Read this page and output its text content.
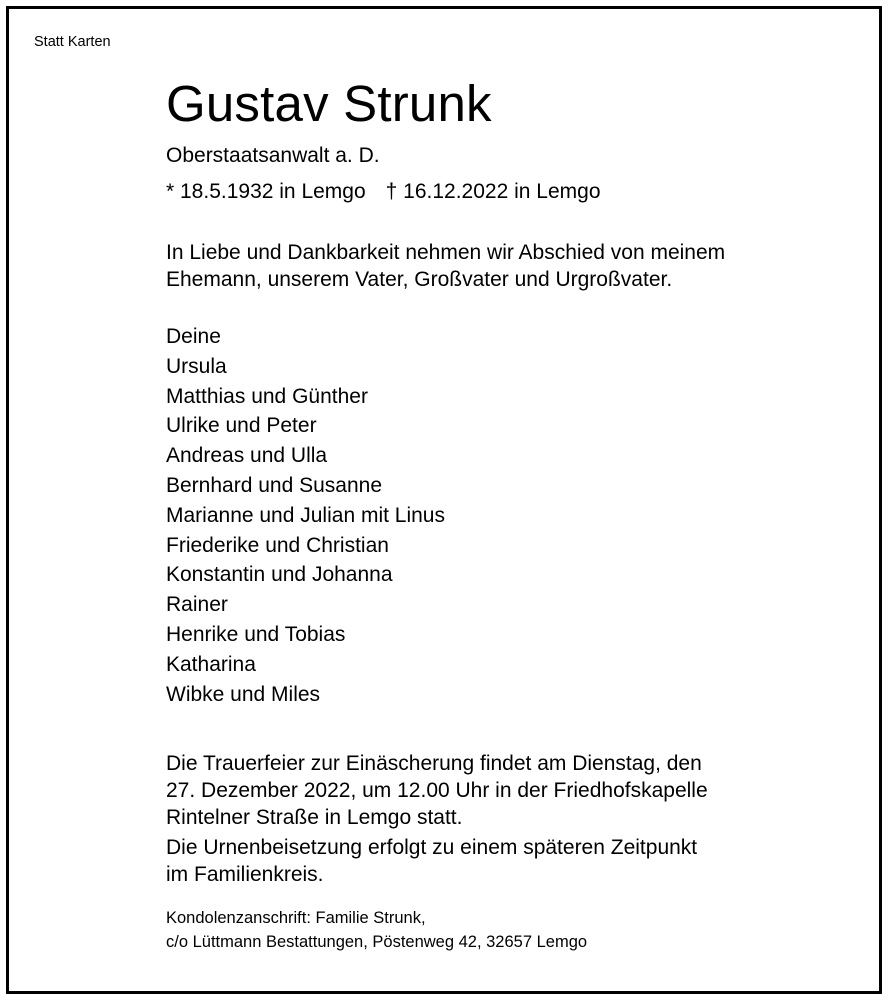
Statt Karten
Gustav Strunk
Oberstaatsanwalt a. D.
* 18.5.1932 in Lemgo † 16.12.2022 in Lemgo
In Liebe und Dankbarkeit nehmen wir Abschied von meinem
Ehemann, unserem Vater, Großvater und Urgroßvater.
Deine
Ursula
Matthias und Günther
Ulrike und Peter
Andreas und Ulla
Bernhard und Susanne
Marianne und Julian mit Linus
Friederike und Christian
Konstantin und Johanna
Rainer
Henrike und Tobias
Katharina
Wibke und Miles
Die Trauerfeier zur Einäscherung findet am Dienstag, den
27. Dezember 2022, um 12.00 Uhr in der Friedhofskapelle
Rintelner Straße in Lemgo statt.
Die Urnenbeisetzung erfolgt zu einem späteren Zeitpunkt
im Familienkreis.
Kondolenzanschrift: Familie Strunk,
c/o Lüttmann Bestattungen, Pöstenweg 42, 32657 Lemgo
